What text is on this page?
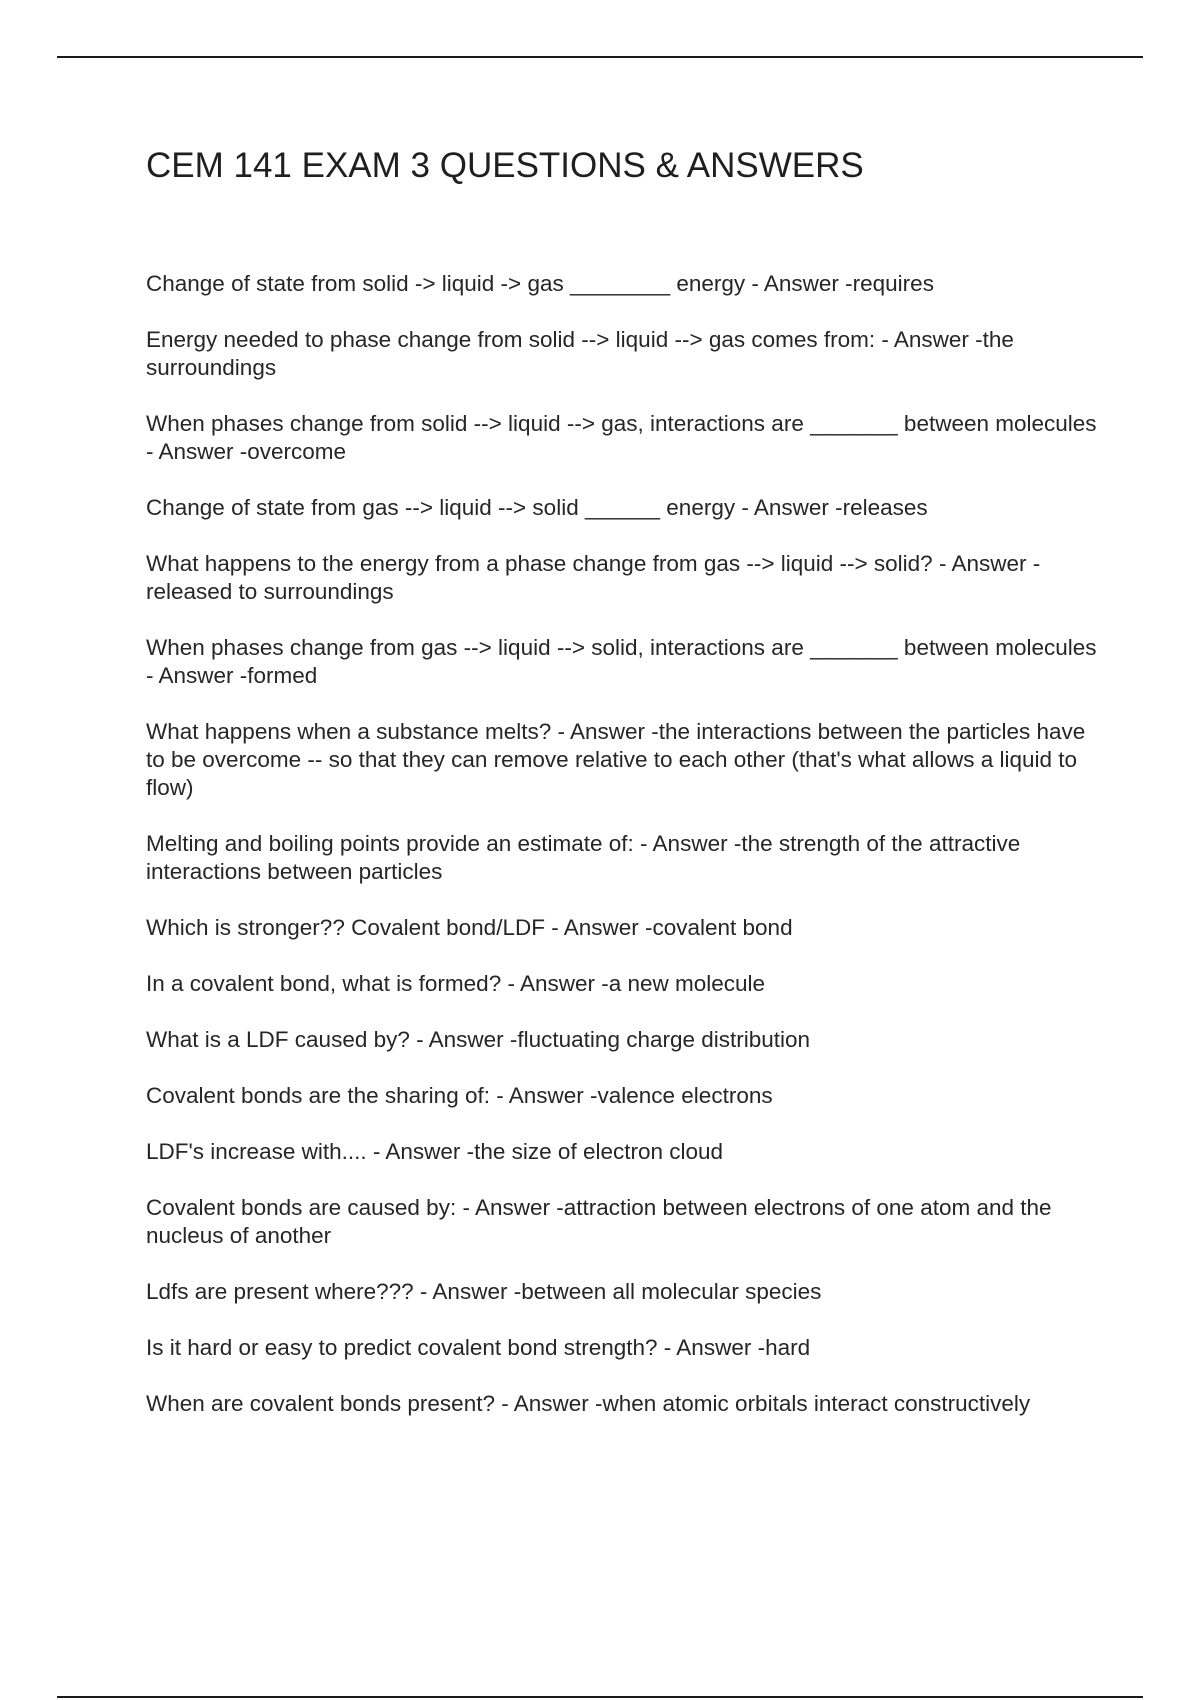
CEM 141 EXAM 3 QUESTIONS & ANSWERS
Change of state from solid -> liquid -> gas ________ energy - Answer -requires
Energy needed to phase change from solid --> liquid --> gas comes from: - Answer -the surroundings
When phases change from solid --> liquid --> gas, interactions are _______ between molecules - Answer -overcome
Change of state from gas --> liquid --> solid ______ energy - Answer -releases
What happens to the energy from a phase change from gas --> liquid --> solid? - Answer -released to surroundings
When phases change from gas --> liquid --> solid, interactions are _______ between molecules - Answer -formed
What happens when a substance melts? - Answer -the interactions between the particles have to be overcome -- so that they can remove relative to each other (that's what allows a liquid to flow)
Melting and boiling points provide an estimate of: - Answer -the strength of the attractive interactions between particles
Which is stronger?? Covalent bond/LDF - Answer -covalent bond
In a covalent bond, what is formed? - Answer -a new molecule
What is a LDF caused by? - Answer -fluctuating charge distribution
Covalent bonds are the sharing of: - Answer -valence electrons
LDF's increase with.... - Answer -the size of electron cloud
Covalent bonds are caused by: - Answer -attraction between electrons of one atom and the nucleus of another
Ldfs are present where??? - Answer -between all molecular species
Is it hard or easy to predict covalent bond strength? - Answer -hard
When are covalent bonds present? - Answer -when atomic orbitals interact constructively
